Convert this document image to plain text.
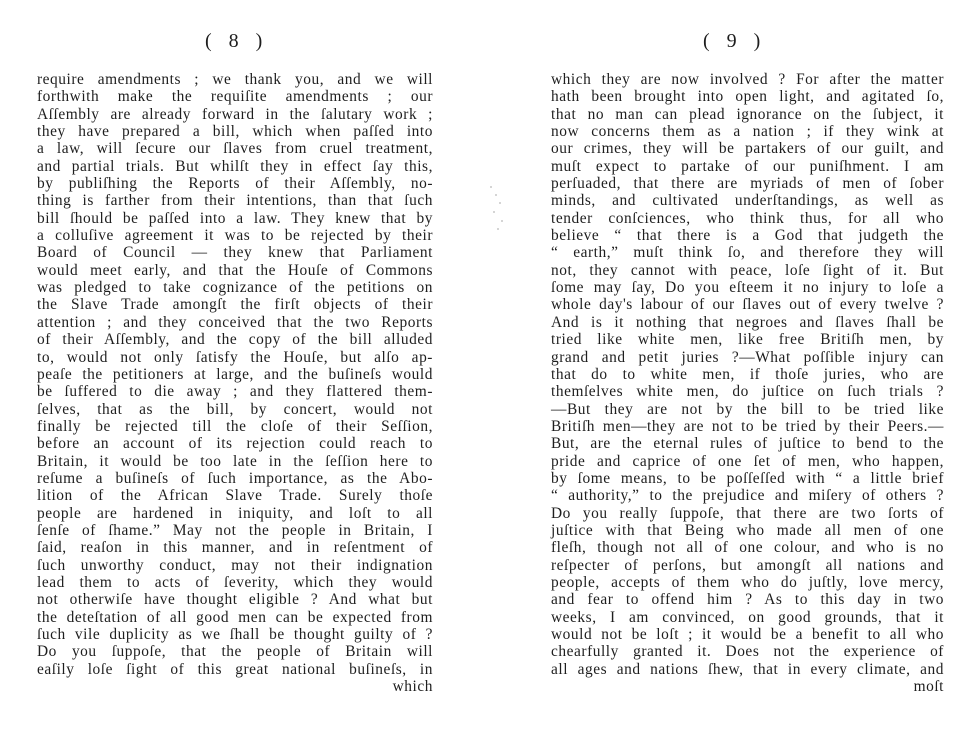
( 8 )
require amendments ; we thank you, and we will
forthwith make the requiſite amendments ; our
Aſſembly are already forward in the ſalutary work ;
they have prepared a bill, which when paſſed into
a law, will ſecure our ſlaves from cruel treatment,
and partial trials. But whilſt they in effect ſay this,
by publiſhing the Reports of their Aſſembly, no-
thing is farther from their intentions, than that ſuch
bill ſhould be paſſed into a law. They knew that by
a colluſive agreement it was to be rejected by their
Board of Council — they knew that Parliament
would meet early, and that the Houſe of Commons
was pledged to take cognizance of the petitions on
the Slave Trade amongſt the firſt objects of their
attention ; and they conceived that the two Reports
of their Aſſembly, and the copy of the bill alluded
to, would not only ſatisfy the Houſe, but alſo ap-
peaſe the petitioners at large, and the buſineſs would
be ſuffered to die away ; and they flattered them-
ſelves, that as the bill, by concert, would not
finally be rejected till the cloſe of their Seſſion,
before an account of its rejection could reach to
Britain, it would be too late in the ſeſſion here to
reſume a buſineſs of ſuch importance, as the Abo-
lition of the African Slave Trade. Surely thoſe
people are hardened in iniquity, and loſt to all
ſenſe of ſhame.” May not the people in Britain, I
ſaid, reaſon in this manner, and in reſentment of
ſuch unworthy conduct, may not their indignation
lead them to acts of ſeverity, which they would
not otherwiſe have thought eligible ? And what but
the deteſtation of all good men can be expected from
ſuch vile duplicity as we ſhall be thought guilty of ?
Do you ſuppoſe, that the people of Britain will
eaſily loſe ſight of this great national buſineſs, in
which
( 9 )
which they are now involved ? For after the matter
hath been brought into open light, and agitated ſo,
that no man can plead ignorance on the ſubject, it
now concerns them as a nation ; if they wink at
our crimes, they will be partakers of our guilt, and
muſt expect to partake of our puniſhment. I am
perſuaded, that there are myriads of men of ſober
minds, and cultivated underſtandings, as well as
tender conſciences, who think thus, for all who
believe “ that there is a God that judgeth the
“ earth,” muſt think ſo, and therefore they will
not, they cannot with peace, loſe ſight of it. But
ſome may ſay, Do you eſteem it no injury to loſe a
whole day's labour of our ſlaves out of every twelve ?
And is it nothing that negroes and ſlaves ſhall be
tried like white men, like free Britiſh men, by
grand and petit juries ?—What poſſible injury can
that do to white men, if thoſe juries, who are
themſelves white men, do juſtice on ſuch trials ?
—But they are not by the bill to be tried like
Britiſh men—they are not to be tried by their Peers.—
But, are the eternal rules of juſtice to bend to the
pride and caprice of one ſet of men, who happen,
by ſome means, to be poſſeſſed with “ a little brief
“ authority,” to the prejudice and miſery of others ?
Do you really ſuppoſe, that there are two ſorts of
juſtice with that Being who made all men of one
fleſh, though not all of one colour, and who is no
reſpecter of perſons, but amongſt all nations and
people, accepts of them who do juſtly, love mercy,
and fear to offend him ? As to this day in two
weeks, I am convinced, on good grounds, that it
would not be loſt ; it would be a benefit to all who
chearfully granted it. Does not the experience of
all ages and nations ſhew, that in every climate, and
moſt
